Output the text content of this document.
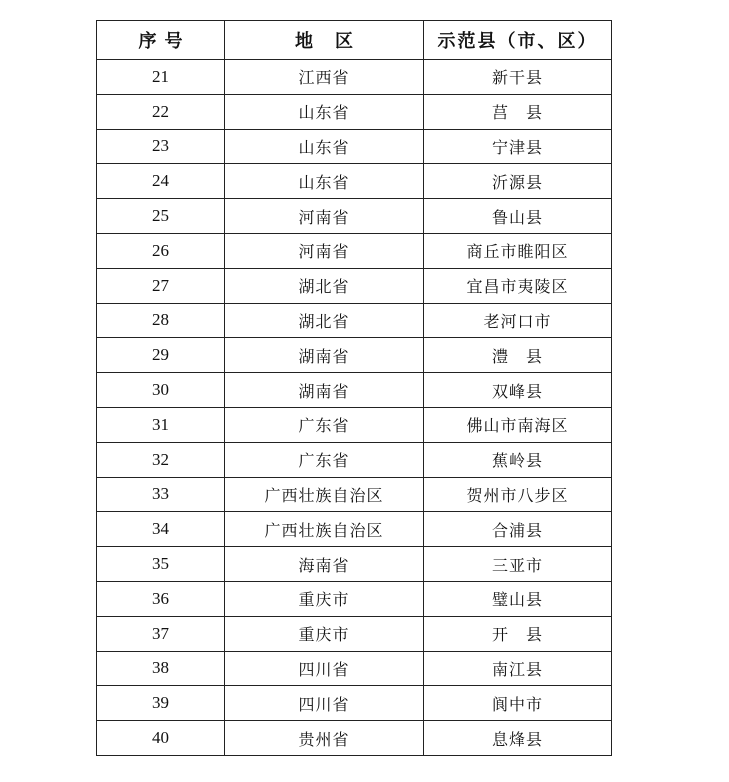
序号	地区	示范县（市、区）
21	江西省	新干县
22	山东省	莒　县
23	山东省	宁津县
24	山东省	沂源县
25	河南省	鲁山县
26	河南省	商丘市睢阳区
27	湖北省	宜昌市夷陵区
28	湖北省	老河口市
29	湖南省	澧　县
30	湖南省	双峰县
31	广东省	佛山市南海区
32	广东省	蕉岭县
33	广西壮族自治区	贺州市八步区
34	广西壮族自治区	合浦县
35	海南省	三亚市
36	重庆市	璧山县
37	重庆市	开　县
38	四川省	南江县
39	四川省	阆中市
40	贵州省	息烽县
